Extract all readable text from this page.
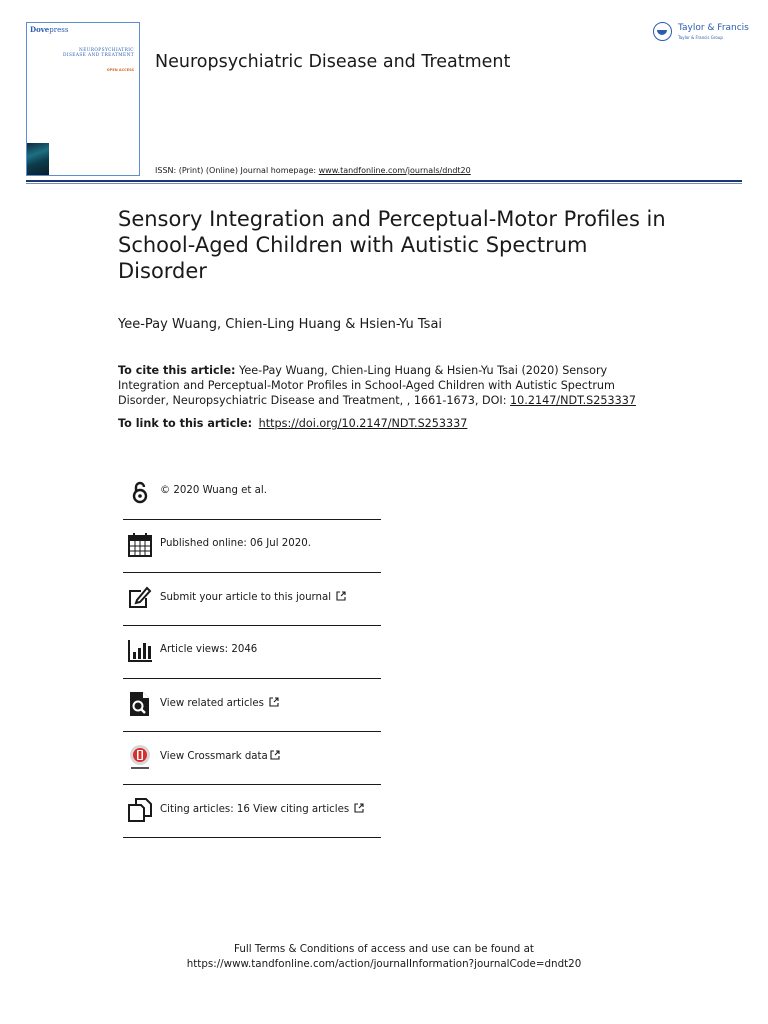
Dovepress
NEUROPSYCHIATRIC
DISEASE AND TREATMENT
OPEN ACCESS Neuropsychiatric Disease and Treatment
ISSN: (Print) (Online) Journal homepage: www.tandfonline.com/journals/dndt20
Taylor & Francis
Taylor & Francis Group
Sensory Integration and Perceptual-Motor Profiles in School-Aged Children with Autistic Spectrum Disorder
Yee-Pay Wuang, Chien-Ling Huang & Hsien-Yu Tsai
To cite this article: Yee-Pay Wuang, Chien-Ling Huang & Hsien-Yu Tsai (2020) Sensory Integration and Perceptual-Motor Profiles in School-Aged Children with Autistic Spectrum Disorder, Neuropsychiatric Disease and Treatment, , 1661-1673, DOI: 10.2147/NDT.S253337
To link to this article: https://doi.org/10.2147/NDT.S253337
© 2020 Wuang et al.
Published online: 06 Jul 2020.
Submit your article to this journal
Article views: 2046
View related articles
View Crossmark data
Citing articles: 16 View citing articles
Full Terms & Conditions of access and use can be found at
https://www.tandfonline.com/action/journalInformation?journalCode=dndt20
